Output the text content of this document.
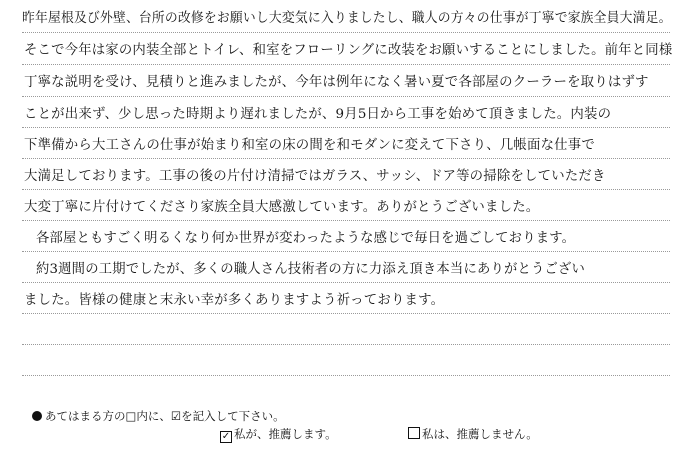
昨年屋根及び外壁、台所の改修をお願いし大変気に入りましたし、職人の方々の仕事が丁寧で家族全員大満足。
そこで今年は家の内装全部とトイレ、和室をフローリングに改装をお願いすることにしました。前年と同様
丁寧な説明を受け、見積りと進みましたが、今年は例年になく暑い夏で各部屋のクーラーを取りはずす
ことが出来ず、少し思った時期より遅れましたが、9月5日から工事を始めて頂きました。内装の
下準備から大工さんの仕事が始まり和室の床の間を和モダンに変えて下さり、几帳面な仕事で
大満足しております。工事の後の片付け清掃ではガラス、サッシ、ドア等の掃除をしていただき
大変丁寧に片付けてくださり家族全員大感激しています。ありがとうございました。
各部屋ともすごく明るくなり何か世界が変わったような感じで毎日を過ごしております。
約3週間の工期でしたが、多くの職人さん技術者の方に力添え頂き本当にありがとうござい
ました。皆様の健康と末永い幸が多くありますよう祈っております。
あてはまる方の□内に、☑を記入して下さい。
✓ 私が、推薦します。	私は、推薦しません。
